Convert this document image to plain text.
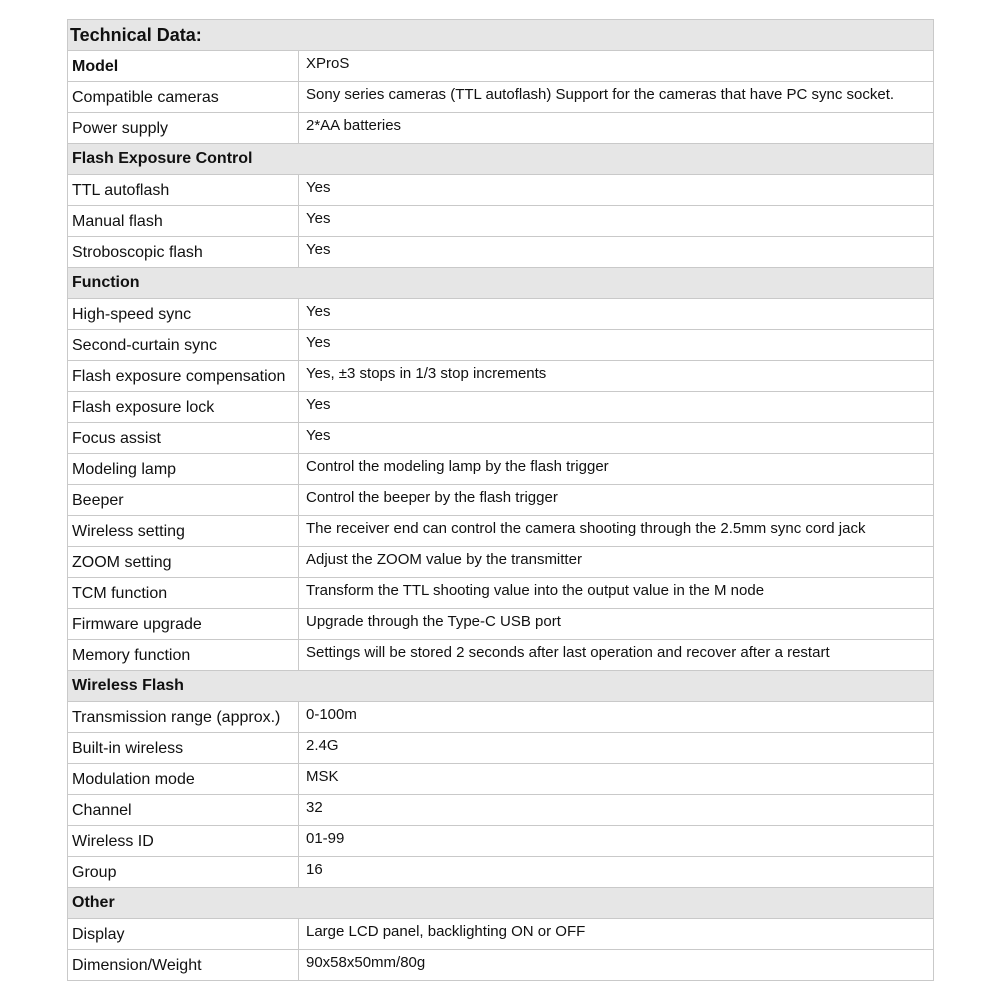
Technical Data:	
Model	XProS
Compatible cameras	Sony series cameras (TTL autoflash) Support for the cameras that have PC sync socket.
Power supply	2*AA batteries
Flash Exposure Control	
TTL autoflash	Yes
Manual flash	Yes
Stroboscopic flash	Yes
Function	
High-speed sync	Yes
Second-curtain sync	Yes
Flash exposure compensation	Yes, ±3 stops in 1/3 stop increments
Flash exposure lock	Yes
Focus assist	Yes
Modeling lamp	Control the modeling lamp by the flash trigger
Beeper	Control the beeper by the flash trigger
Wireless setting	The receiver end can control the camera shooting through the 2.5mm sync cord jack
ZOOM setting	Adjust the ZOOM value by the transmitter
TCM function	Transform the TTL shooting value into the output value in the M node
Firmware upgrade	Upgrade through the Type-C USB port
Memory function	Settings will be stored 2 seconds after last operation and recover after a restart
Wireless Flash	
Transmission range (approx.)	0-100m
Built-in wireless	2.4G
Modulation mode	MSK
Channel	32
Wireless ID	01-99
Group	16
Other	
Display	Large LCD panel, backlighting ON or OFF
Dimension/Weight	90x58x50mm/80g
